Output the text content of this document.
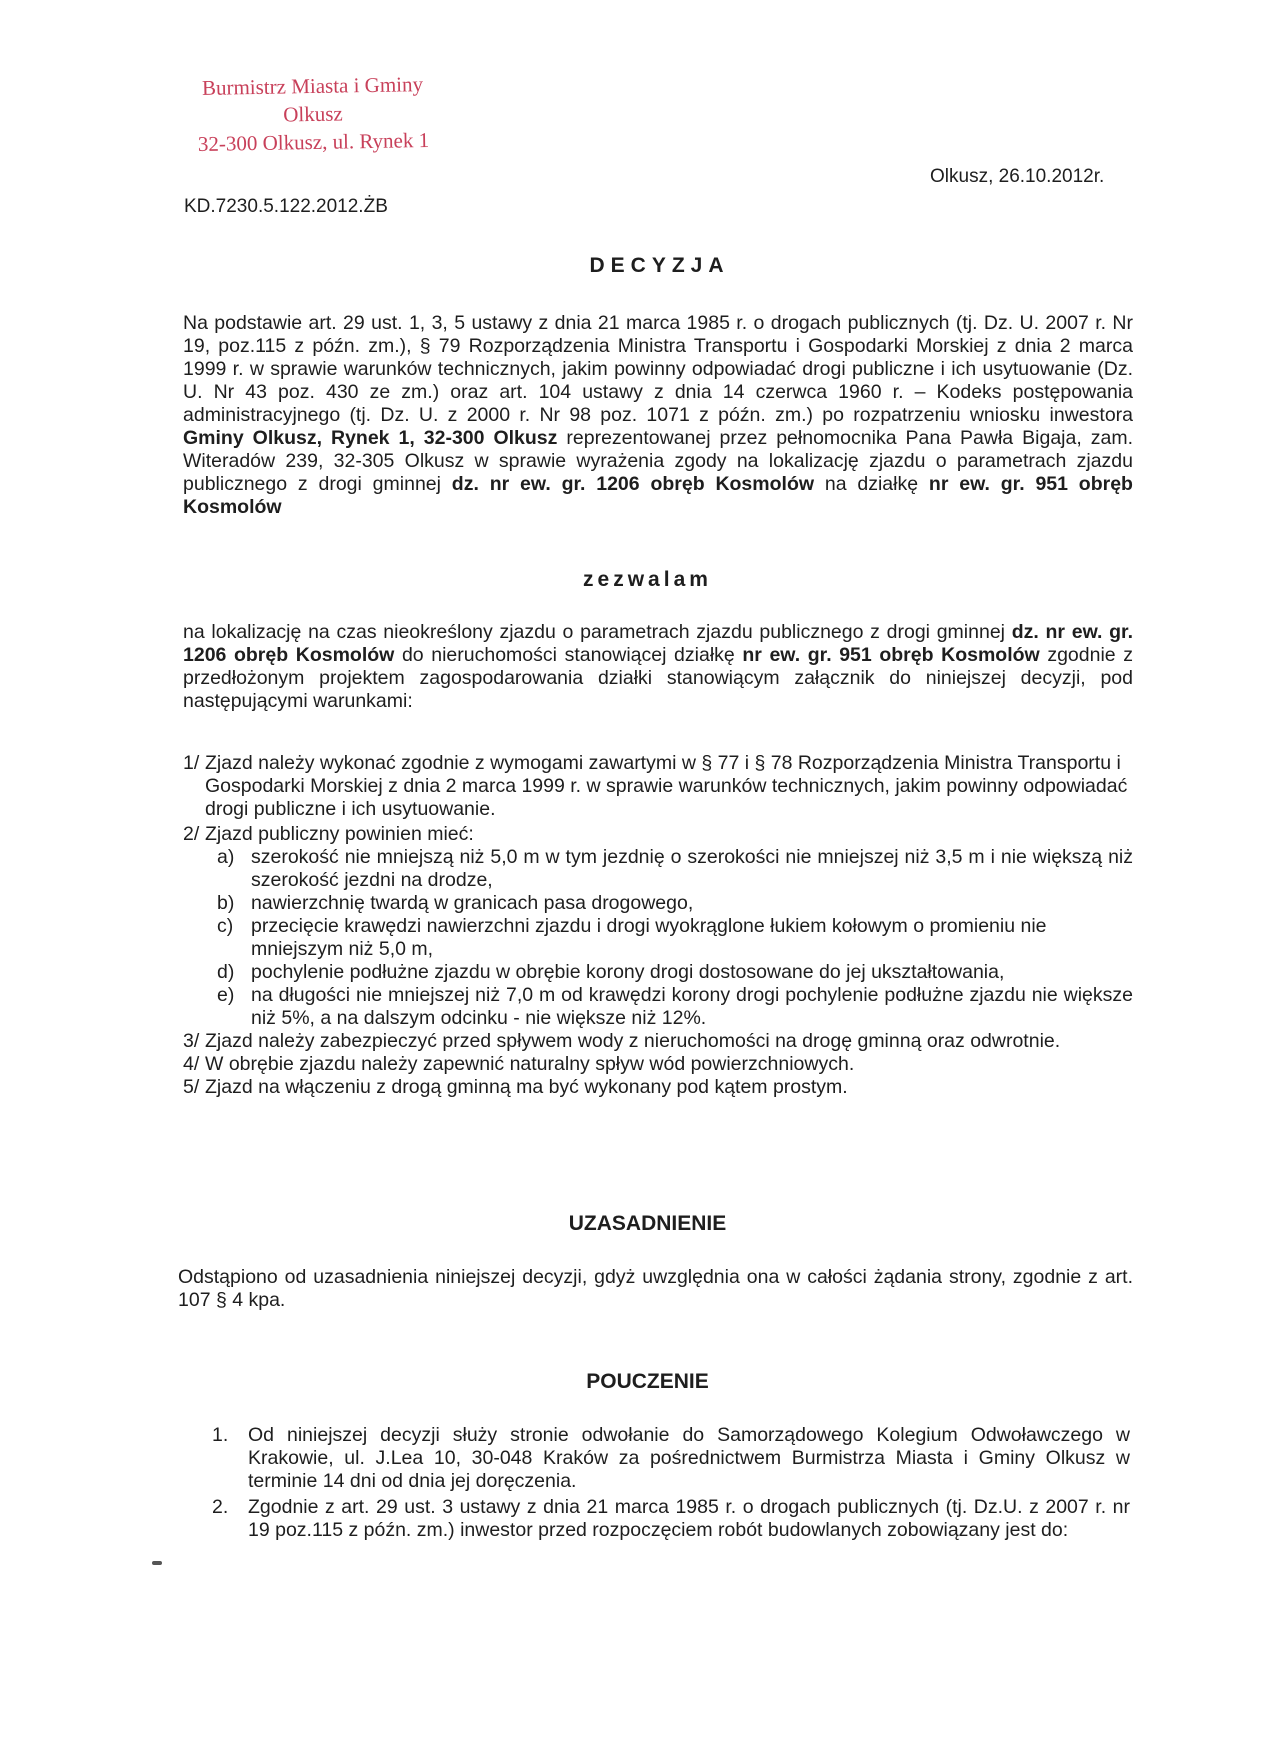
Burmistrz Miasta i Gminy
Olkusz
32-300 Olkusz, ul. Rynek 1
Olkusz, 26.10.2012r.
KD.7230.5.122.2012.ŻB
DECYZJA
Na podstawie art. 29 ust. 1, 3, 5 ustawy z dnia 21 marca 1985 r. o drogach publicznych (tj. Dz. U. 2007 r. Nr 19, poz.115 z późn. zm.), § 79 Rozporządzenia Ministra Transportu i Gospodarki Morskiej z dnia 2 marca 1999 r. w sprawie warunków technicznych, jakim powinny odpowiadać drogi publiczne i ich usytuowanie (Dz. U. Nr 43 poz. 430 ze zm.) oraz art. 104 ustawy z dnia 14 czerwca 1960 r. – Kodeks postępowania administracyjnego (tj. Dz. U. z 2000 r. Nr 98 poz. 1071 z późn. zm.) po rozpatrzeniu wniosku inwestora Gminy Olkusz, Rynek 1, 32-300 Olkusz reprezentowanej przez pełnomocnika Pana Pawła Bigaja, zam. Witeradów 239, 32-305 Olkusz w sprawie wyrażenia zgody na lokalizację zjazdu o parametrach zjazdu publicznego z drogi gminnej dz. nr ew. gr. 1206 obręb Kosmolów na działkę nr ew. gr. 951 obręb Kosmolów
zezwalam
na lokalizację na czas nieokreślony zjazdu o parametrach zjazdu publicznego z drogi gminnej dz. nr ew. gr. 1206 obręb Kosmolów do nieruchomości stanowiącej działkę nr ew. gr. 951 obręb Kosmolów zgodnie z przedłożonym projektem zagospodarowania działki stanowiącym załącznik do niniejszej decyzji, pod następującymi warunkami:
1/ Zjazd należy wykonać zgodnie z wymogami zawartymi w § 77 i § 78 Rozporządzenia Ministra Transportu i Gospodarki Morskiej z dnia 2 marca 1999 r. w sprawie warunków technicznych, jakim powinny odpowiadać drogi publiczne i ich usytuowanie.
2/ Zjazd publiczny powinien mieć:
a) szerokość nie mniejszą niż 5,0 m w tym jezdnię o szerokości nie mniejszej niż 3,5 m i nie większą niż szerokość jezdni na drodze,
b) nawierzchnię twardą w granicach pasa drogowego,
c) przecięcie krawędzi nawierzchni zjazdu i drogi wyokrąglone łukiem kołowym o promieniu nie mniejszym niż 5,0 m,
d) pochylenie podłużne zjazdu w obrębie korony drogi dostosowane do jej ukształtowania,
e) na długości nie mniejszej niż 7,0 m od krawędzi korony drogi pochylenie podłużne zjazdu nie większe niż 5%, a na dalszym odcinku - nie większe niż 12%.
3/ Zjazd należy zabezpieczyć przed spływem wody z nieruchomości na drogę gminną oraz odwrotnie.
4/ W obrębie zjazdu należy zapewnić naturalny spływ wód powierzchniowych.
5/ Zjazd na włączeniu z drogą gminną ma być wykonany pod kątem prostym.
UZASADNIENIE
Odstąpiono od uzasadnienia niniejszej decyzji, gdyż uwzględnia ona w całości żądania strony, zgodnie z art. 107 § 4 kpa.
POUCZENIE
1. Od niniejszej decyzji służy stronie odwołanie do Samorządowego Kolegium Odwoławczego w Krakowie, ul. J.Lea 10, 30-048 Kraków za pośrednictwem Burmistrza Miasta i Gminy Olkusz w terminie 14 dni od dnia jej doręczenia.
2. Zgodnie z art. 29 ust. 3 ustawy z dnia 21 marca 1985 r. o drogach publicznych (tj. Dz.U. z 2007 r. nr 19 poz.115 z późn. zm.) inwestor przed rozpoczęciem robót budowlanych zobowiązany jest do:
